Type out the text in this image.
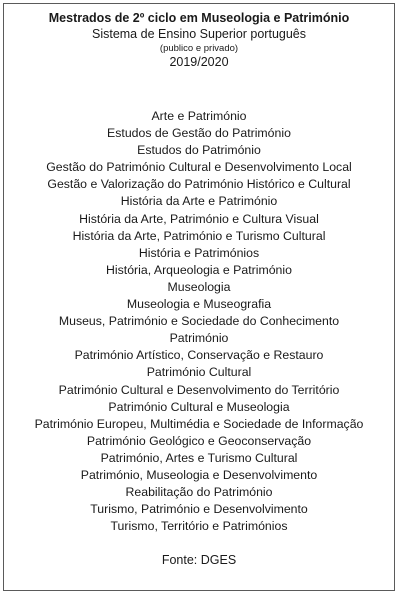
Mestrados de 2º ciclo em Museologia e Património
Sistema de Ensino Superior português
(publico e privado)
2019/2020
Arte e Património
Estudos de Gestão do Património
Estudos do Património
Gestão do Património Cultural e Desenvolvimento Local
Gestão e Valorização do Património Histórico e Cultural
História da Arte e Património
História da Arte, Património e Cultura Visual
História da Arte, Património e Turismo Cultural
História e Patrimónios
História, Arqueologia e Património
Museologia
Museologia e Museografia
Museus, Património e Sociedade do Conhecimento
Património
Património Artístico, Conservação e Restauro
Património Cultural
Património Cultural e Desenvolvimento do Território
Património Cultural e Museologia
Património Europeu, Multimédia e Sociedade de Informação
Património Geológico e Geoconservação
Património, Artes e Turismo Cultural
Património, Museologia e Desenvolvimento
Reabilitação do Património
Turismo, Património e Desenvolvimento
Turismo, Território e Patrimónios
Fonte: DGES
